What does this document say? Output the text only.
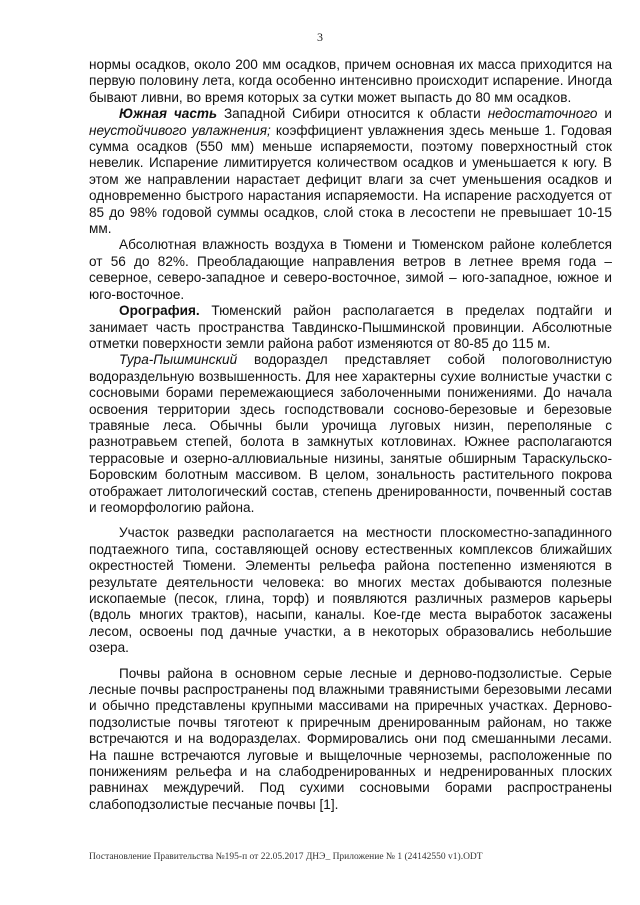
3

нормы осадков, около 200 мм осадков, причем основная их масса приходится на первую половину лета, когда особенно интенсивно происходит испарение. Иногда бывают ливни, во время которых за сутки может выпасть до 80 мм осадков.

Южная часть Западной Сибири относится к области недостаточного и неустойчивого увлажнения; коэффициент увлажнения здесь меньше 1. Годовая сумма осадков (550 мм) меньше испаряемости, поэтому поверхностный сток невелик. Испарение лимитируется количеством осадков и уменьшается к югу. В этом же направлении нарастает дефицит влаги за счет уменьшения осадков и одновременно быстрого нарастания испаряемости. На испарение расходуется от 85 до 98% годовой суммы осадков, слой стока в лесостепи не превышает 10-15 мм.

Абсолютная влажность воздуха в Тюмени и Тюменском районе колеблется от 56 до 82%. Преобладающие направления ветров в летнее время года – северное, северо-западное и северо-восточное, зимой – юго-западное, южное и юго-восточное.

Орография. Тюменский район располагается в пределах подтайги и занимает часть пространства Тавдинско-Пышминской провинции. Абсолютные отметки поверхности земли района работ изменяются от 80-85 до 115 м.

Тура-Пышминский водораздел представляет собой пологоволнистую водораздельную возвышенность. Для нее характерны сухие волнистые участки с сосновыми борами перемежающиеся заболоченными понижениями. До начала освоения территории здесь господствовали сосново-березовые и березовые травяные леса. Обычны были урочища луговых низин, переполяные с разнотравьем степей, болота в замкнутых котловинах. Южнее располагаются террасовые и озерно-аллювиальные низины, занятые обширным Тараскульско-Боровским болотным массивом. В целом, зональность растительного покрова отображает литологический состав, степень дренированности, почвенный состав и геоморфологию района.

Участок разведки располагается на местности плоскоместно-западинного подтаежного типа, составляющей основу естественных комплексов ближайших окрестностей Тюмени. Элементы рельефа района постепенно изменяются в результате деятельности человека: во многих местах добываются полезные ископаемые (песок, глина, торф) и появляются различных размеров карьеры (вдоль многих трактов), насыпи, каналы. Кое-где места выработок засажены лесом, освоены под дачные участки, а в некоторых образовались небольшие озера.

Почвы района в основном серые лесные и дерново-подзолистые. Серые лесные почвы распространены под влажными травянистыми березовыми лесами и обычно представлены крупными массивами на приречных участках. Дерново-подзолистые почвы тяготеют к приречным дренированным районам, но также встречаются и на водоразделах. Формировались они под смешанными лесами. На пашне встречаются луговые и выщелочные черноземы, расположенные по понижениям рельефа и на слабодренированных и недренированных плоских равнинах междуречий. Под сухими сосновыми борами распространены слабоподзолистые песчаные почвы [1].

Постановление Правительства №195-п от 22.05.2017 ДНЭ_ Приложение № 1 (24142550 v1).ODT
